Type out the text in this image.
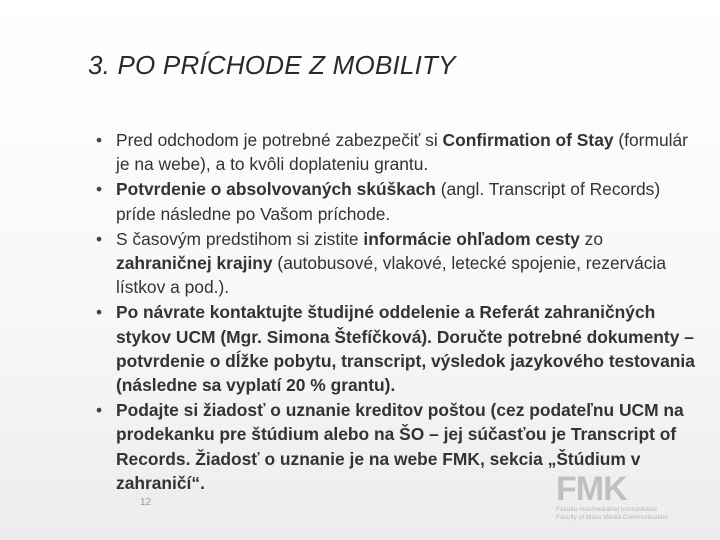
3. PO PRÍCHODE Z MOBILITY
• Pred odchodom je potrebné zabezpečiť si Confirmation of Stay (formulár je na webe), a to kvôli doplateniu grantu.
• Potvrdenie o absolvovaných skúškach (angl. Transcript of Records) príde následne po Vašom príchode.
• S časovým predstihom si zistite informácie ohľadom cesty zo zahraničnej krajiny (autobusové, vlakové, letecké spojenie, rezervácia lístkov a pod.).
• Po návrate kontaktujte študijné oddelenie a Referát zahraničných stykov UCM (Mgr. Simona Štefíčková). Doručte potrebné dokumenty – potvrdenie o dĺžke pobytu, transcript, výsledok jazykového testovania (následne sa vyplatí 20 % grantu).
• Podajte si žiadosť o uznanie kreditov poštou (cez podateľnu UCM na prodekanku pre štúdium alebo na ŠO – jej súčasťou je Transcript of Records. Žiadosť o uznanie je na webe FMK, sekcia „Štúdium v zahraničí“.	FMK
Fakulta masmediálnej komunikácie
Faculty of Mass Media Communication
12
